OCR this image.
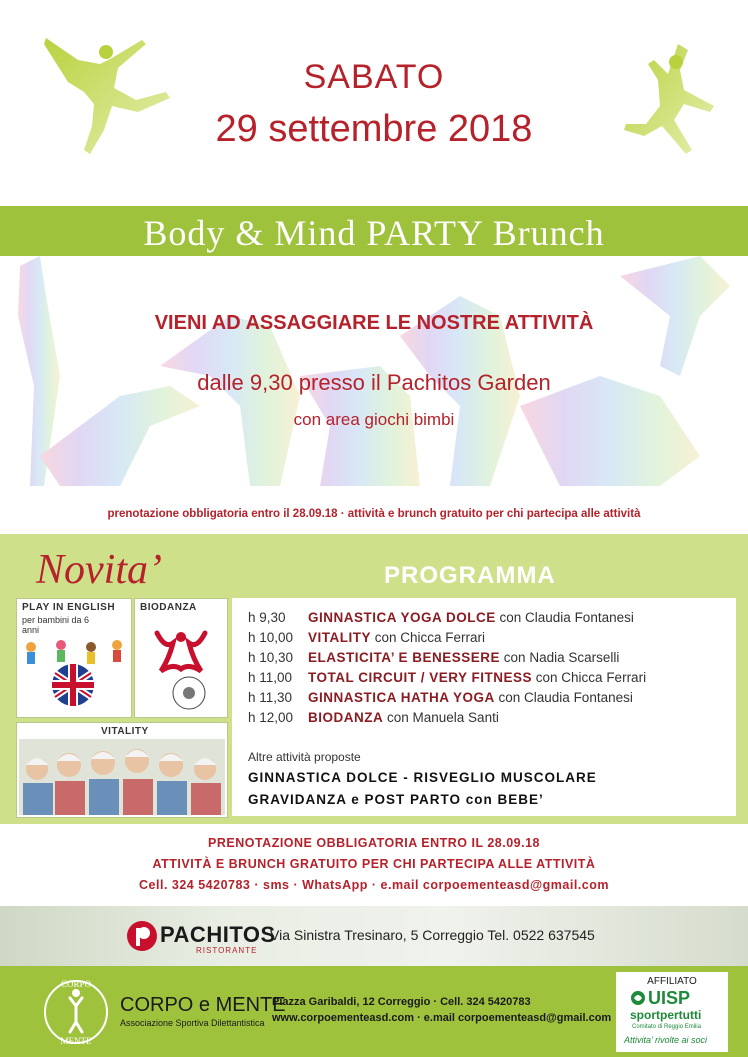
SABATO
29 settembre 2018
Body & Mind PARTY Brunch
VIENI AD ASSAGGIARE LE NOSTRE ATTIVITÀ
dalle 9,30 presso il Pachitos Garden
con area giochi bimbi
prenotazione obbligatoria entro il 28.09.18 · attività e brunch gratuito per chi partecipa alle attività
Novita’	PROGRAMMA
PLAY IN ENGLISH
per bambini da 6 anni
BIODANZA
VITALITY
h 9,30 GINNASTICA YOGA DOLCE con Claudia Fontanesi
h 10,00 VITALITY con Chicca Ferrari
h 10,30 ELASTICITA’ E BENESSERE con Nadia Scarselli
h 11,00 TOTAL CIRCUIT / VERY FITNESS con Chicca Ferrari
h 11,30 GINNASTICA HATHA YOGA con Claudia Fontanesi
h 12,00 BIODANZA con Manuela Santi
Altre attività proposte
GINNASTICA DOLCE - RISVEGLIO MUSCOLARE
GRAVIDANZA e POST PARTO con BEBE’
PRENOTAZIONE OBBLIGATORIA ENTRO IL 28.09.18
ATTIVITÀ E BRUNCH GRATUITO PER CHI PARTECIPA ALLE ATTIVITÀ
Cell. 324 5420783 · sms · WhatsApp · e.mail corpoementeasd@gmail.com
PACHITOS
RISTORANTE
Via Sinistra Tresinaro, 5 Correggio Tel. 0522 637545
CORPO
MENTE
CORPO e MENTE
Associazione Sportiva Dilettantistica
Piazza Garibaldi, 12 Correggio · Cell. 324 5420783
www.corpoementeasd.com · e.mail corpoementeasd@gmail.com
AFFILIATO
UISP
sportpertutti
Comitato di Reggio Emilia
Attivita’ rivolte ai soci
